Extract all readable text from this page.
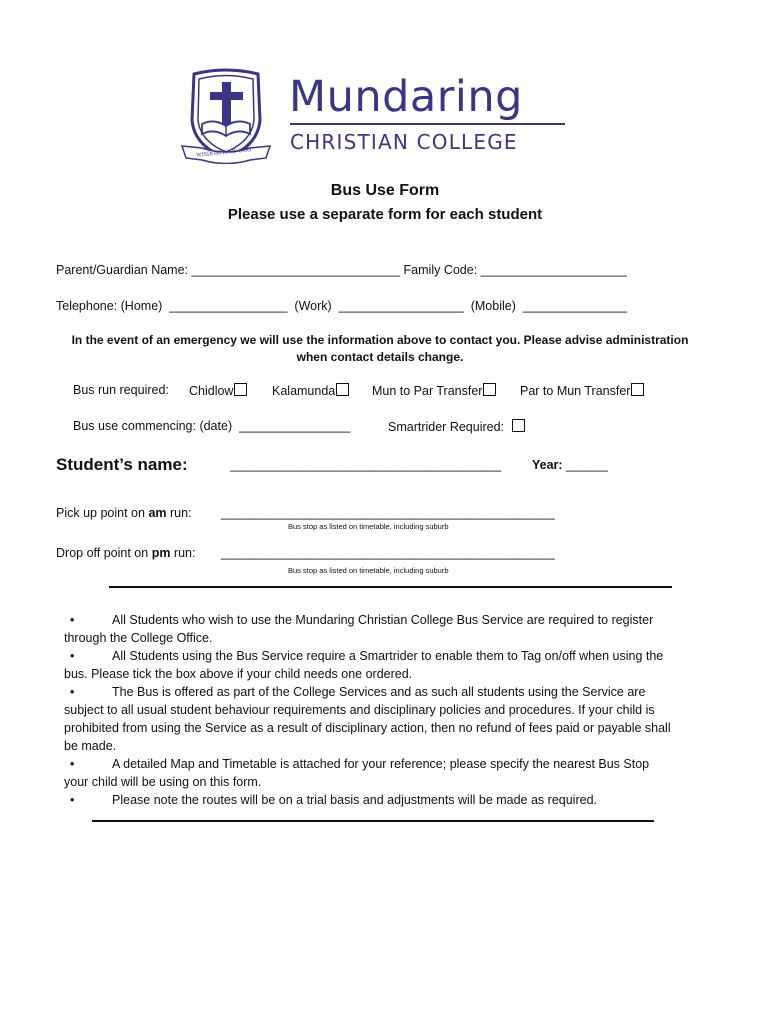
WISDOM IS OF GOD
Mundaring
CHRISTIAN COLLEGE
Bus Use Form
Please use a separate form for each student
Parent/Guardian Name: ______________________________ Family Code: _____________________
Telephone: (Home) _________________ (Work) __________________ (Mobile) _______________
In the event of an emergency we will use the information above to contact you. Please advise administration when contact details change.
Bus run required: Chidlow	Kalamunda	Mun to Par Transfer	Par to Mun Transfer
Bus use commencing: (date) ________________	Smartrider Required:
Student’s name:	_______________________________________ Year: ______
Pick up point on am run: ________________________________________________
Bus stop as listed on timetable, including suburb
Drop off point on pm run: ________________________________________________
Bus stop as listed on timetable, including suburb

•	All Students who wish to use the Mundaring Christian College Bus Service are required to register through the College Office.

•	All Students using the Bus Service require a Smartrider to enable them to Tag on/off when using the bus. Please tick the box above if your child needs one ordered.

•	The Bus is offered as part of the College Services and as such all students using the Service are subject to all usual student behaviour requirements and disciplinary policies and procedures. If your child is prohibited from using the Service as a result of disciplinary action, then no refund of fees paid or payable shall be made.

•	A detailed Map and Timetable is attached for your reference; please specify the nearest Bus Stop your child will be using on this form.

•	Please note the routes will be on a trial basis and adjustments will be made as required.
